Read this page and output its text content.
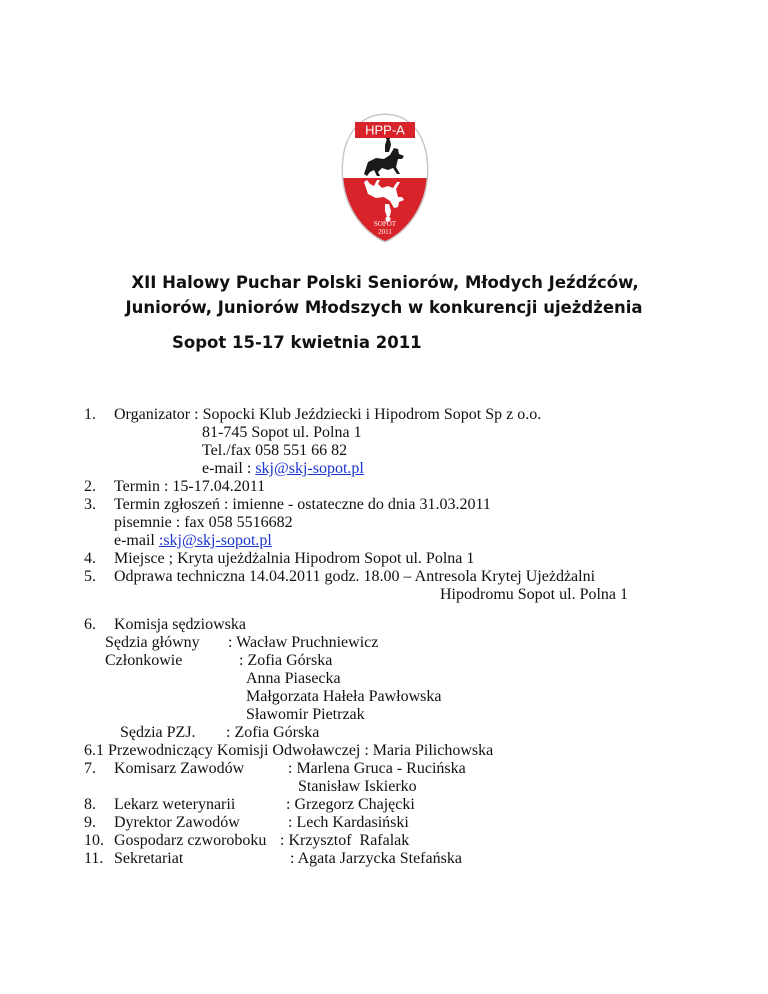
HPP-A
SOPOT
2011
XII Halowy Puchar Polski Seniorów, Młodych Jeźdźców,
Juniorów, Juniorów Młodszych w konkurencji ujeżdżenia
Sopot 15-17 kwietnia 2011
1. Organizator : Sopocki Klub Jeździecki i Hipodrom Sopot Sp z o.o.
81-745 Sopot ul. Polna 1
Tel./fax 058 551 66 82
e-mail : skj@skj-sopot.pl
2. Termin : 15-17.04.2011
3. Termin zgłoszeń : imienne - ostateczne do dnia 31.03.2011
pisemnie : fax 058 5516682
e-mail :skj@skj-sopot.pl
4. Miejsce ; Kryta ujeżdżalnia Hipodrom Sopot ul. Polna 1
5. Odprawa techniczna 14.04.2011 godz. 18.00 – Antresola Krytej Ujeżdżalni
Hipodromu Sopot ul. Polna 1
6. Komisja sędziowska
Sędzia główny : Wacław Pruchniewicz
Członkowie	: Zofia Górska
Anna Piasecka
Małgorzata Hałeła Pawłowska
Sławomir Pietrzak
Sędzia PZJ. : Zofia Górska
6.1 Przewodniczący Komisji Odwoławczej : Maria Pilichowska
7. Komisarz Zawodów	: Marlena Gruca - Rucińska
Stanisław Iskierko
8. Lekarz weterynarii	: Grzegorz Chajęcki
9. Dyrektor Zawodów	: Lech Kardasiński
10. Gospodarz czworoboku : Krzysztof  Rafalak
11. Sekretariat	: Agata Jarzycka Stefańska
